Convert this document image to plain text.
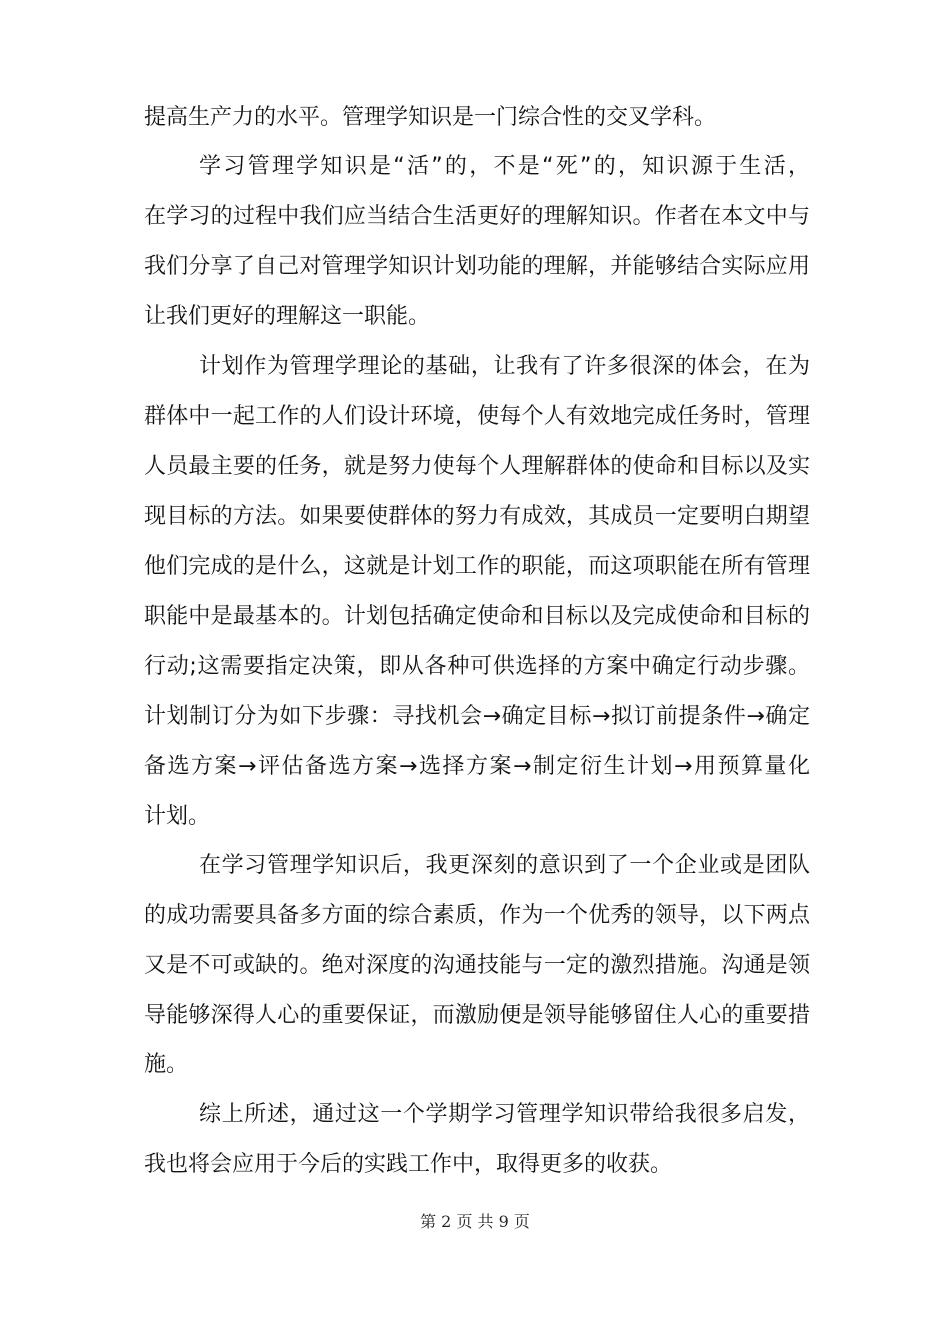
提高生产力的水平。管理学知识是一门综合性的交叉学科。
学习管理学知识是“活”的，不是“死”的，知识源于生活，
在学习的过程中我们应当结合生活更好的理解知识。作者在本文中与
我们分享了自己对管理学知识计划功能的理解，并能够结合实际应用
让我们更好的理解这一职能。
计划作为管理学理论的基础，让我有了许多很深的体会，在为
群体中一起工作的人们设计环境，使每个人有效地完成任务时，管理
人员最主要的任务，就是努力使每个人理解群体的使命和目标以及实
现目标的方法。如果要使群体的努力有成效，其成员一定要明白期望
他们完成的是什么，这就是计划工作的职能，而这项职能在所有管理
职能中是最基本的。计划包括确定使命和目标以及完成使命和目标的
行动;这需要指定决策，即从各种可供选择的方案中确定行动步骤。
计划制订分为如下步骤：寻找机会→确定目标→拟订前提条件→确定
备选方案→评估备选方案→选择方案→制定衍生计划→用预算量化
计划。
在学习管理学知识后，我更深刻的意识到了一个企业或是团队
的成功需要具备多方面的综合素质，作为一个优秀的领导，以下两点
又是不可或缺的。绝对深度的沟通技能与一定的激烈措施。沟通是领
导能够深得人心的重要保证，而激励便是领导能够留住人心的重要措
施。
综上所述，通过这一个学期学习管理学知识带给我很多启发，
我也将会应用于今后的实践工作中，取得更多的收获。
第 2 页 共 9 页
